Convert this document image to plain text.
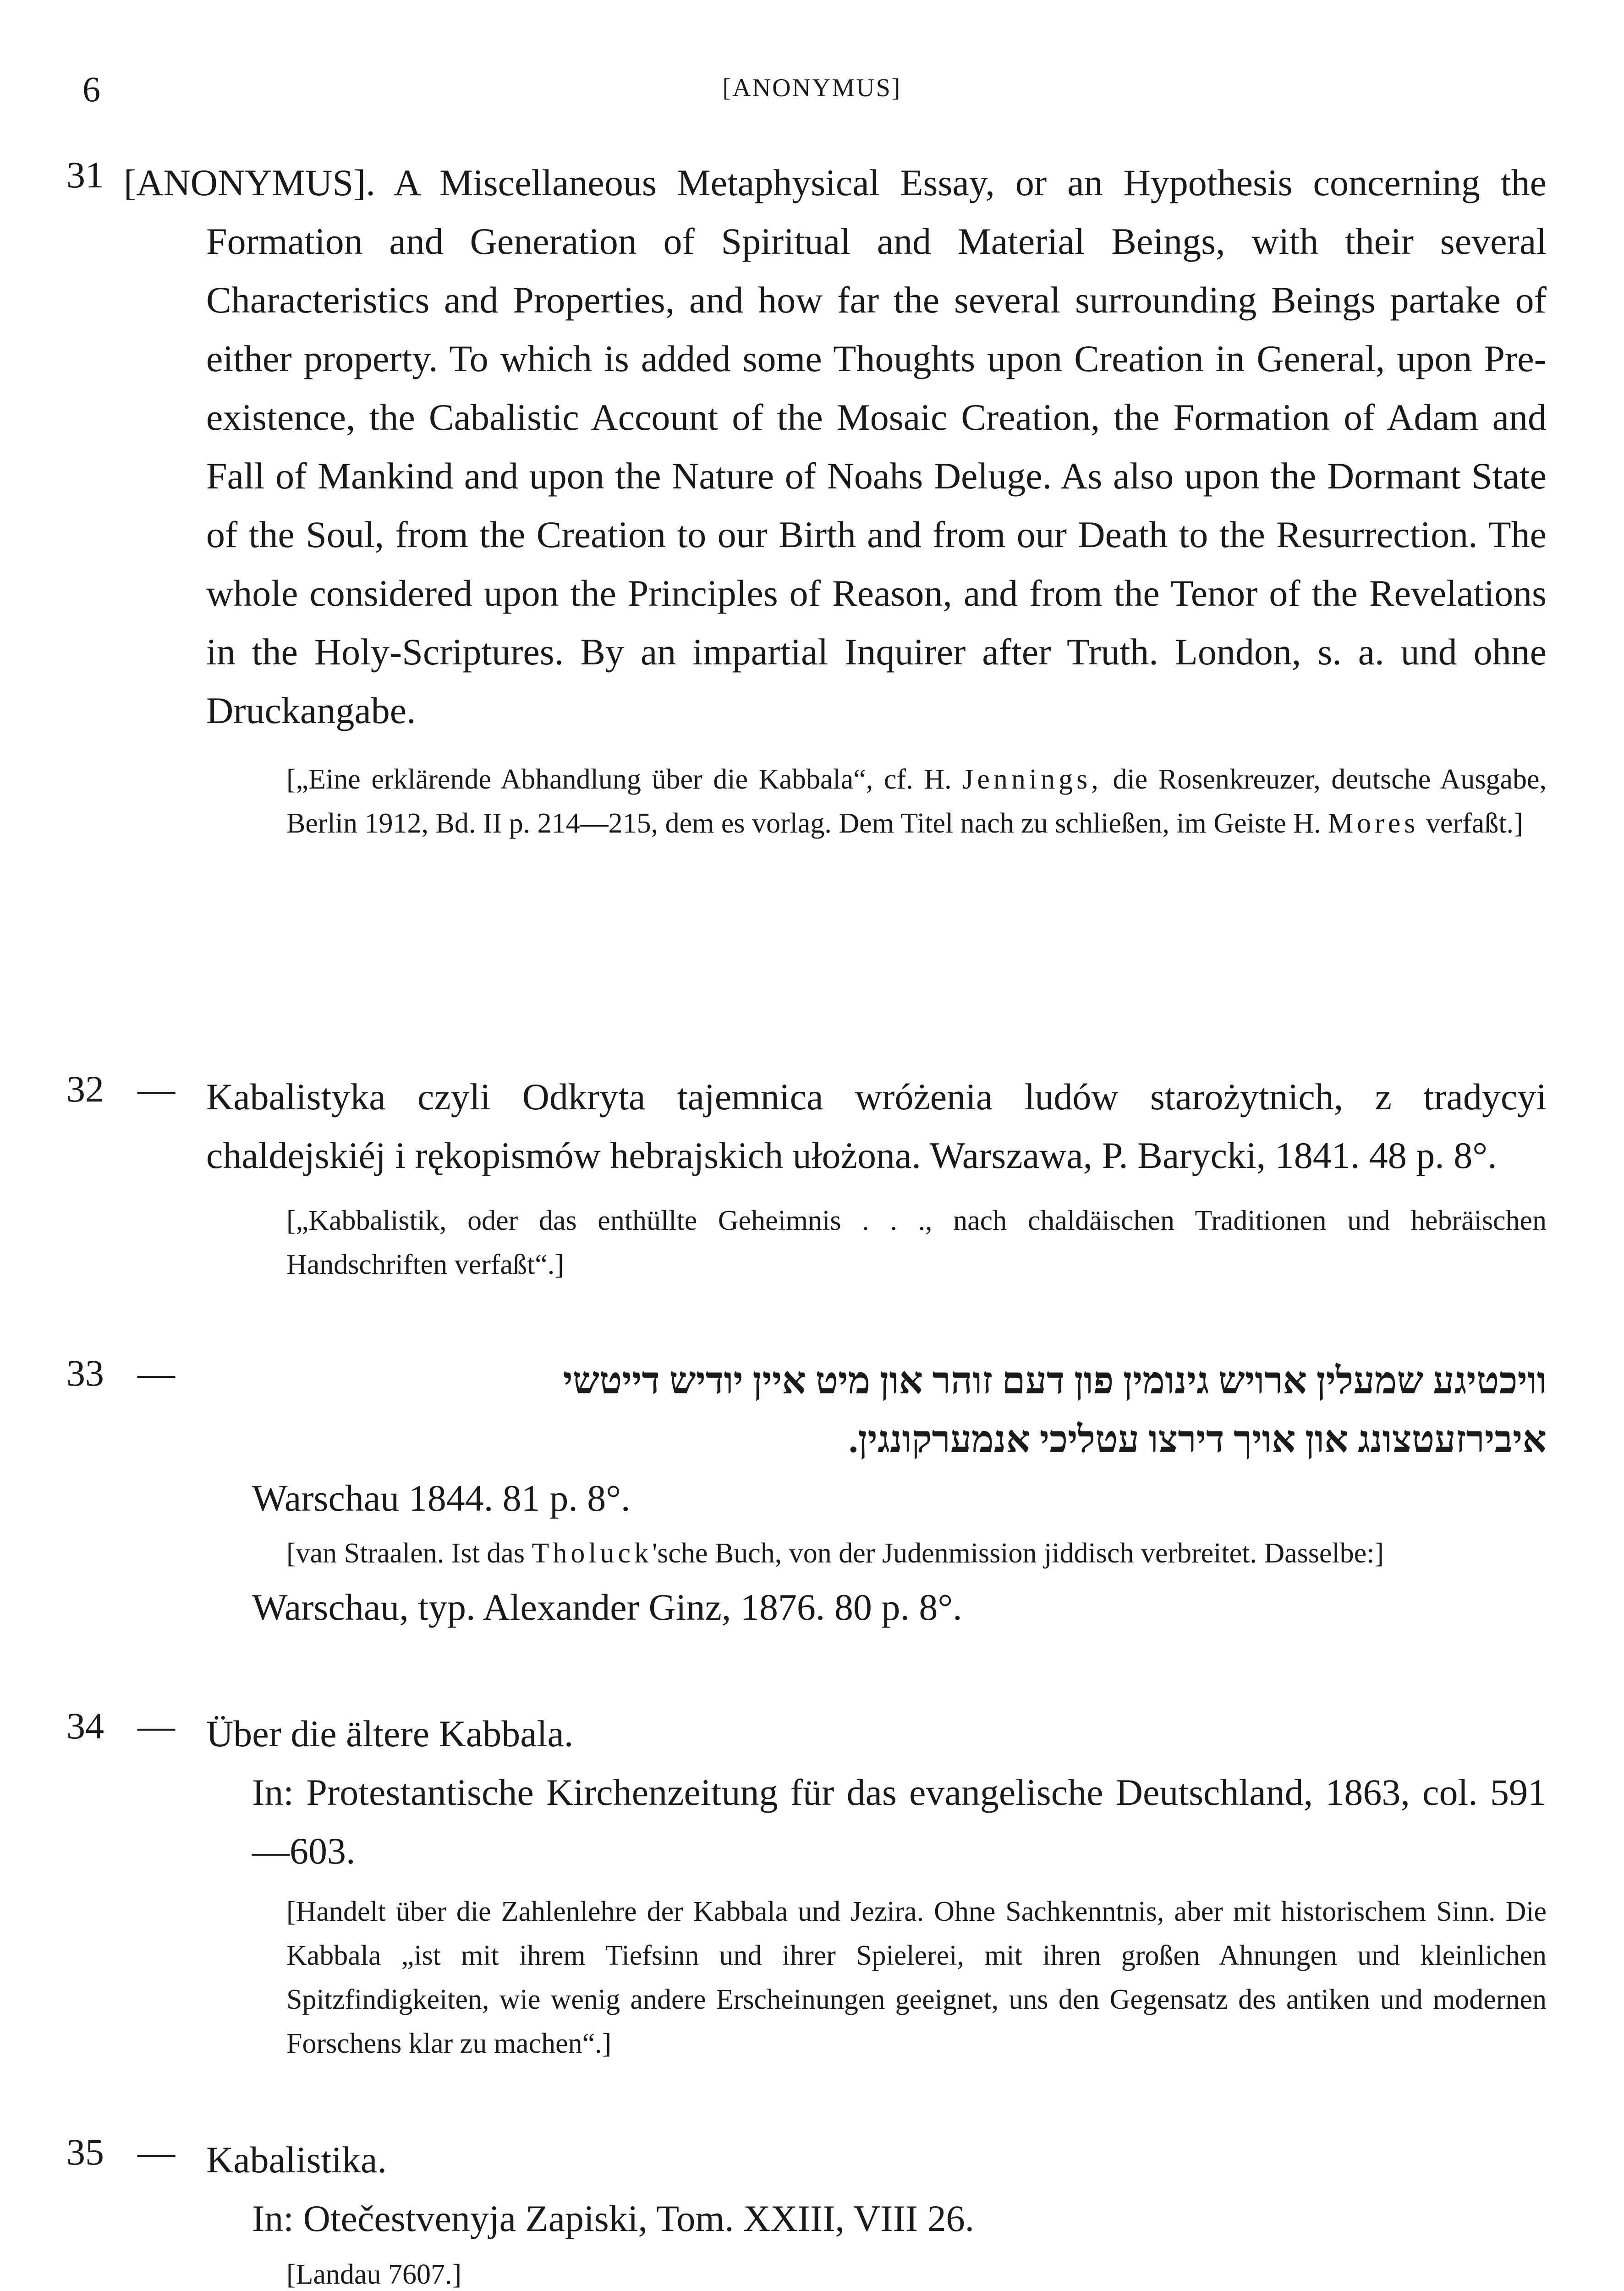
6	[ANONYMUS]
31 [ANONYMUS]. A Miscellaneous Metaphysical Essay, or an Hypothesis concerning the Formation and Generation of Spiritual and Material Beings, with their several Characteristics and Properties, and how far the several surrounding Beings partake of either property. To which is added some Thoughts upon Creation in General, upon Pre-existence, the Cabalistic Account of the Mosaic Creation, the Formation of Adam and Fall of Mankind and upon the Nature of Noahs Deluge. As also upon the Dormant State of the Soul, from the Creation to our Birth and from our Death to the Resurrection. The whole considered upon the Principles of Reason, and from the Tenor of the Revelations in the Holy-Scriptures. By an impartial Inquirer after Truth. London, s. a. und ohne Druckangabe.
[„Eine erklärende Abhandlung über die Kabbala“, cf. H. Jennings, die Rosenkreuzer, deutsche Ausgabe, Berlin 1912, Bd. II p. 214—215, dem es vorlag. Dem Titel nach zu schließen, im Geiste H. Mores verfaßt.]
32 — Kabalistyka czyli Odkryta tajemnica wróżenia ludów starożytnich, z tradycyi chaldejskiéj i rękopismów hebrajskich ułożona. Warszawa, P. Barycki, 1841. 48 p. 8°.
[„Kabbalistik, oder das enthüllte Geheimnis . . ., nach chaldäischen Traditionen und hebräischen Handschriften verfaßt“.]
33 —	וויכטיגע שמעלין ארויש גינומין פון דעם זוהר און מיט איין יודיש דייטשי
איבירזעטצונג און אויך דירצו עטליכי אנמערקונגין.
Warschau 1844. 81 p. 8°.
[van Straalen. Ist das Tholuck'sche Buch, von der Judenmission jiddisch verbreitet. Dasselbe:]
Warschau, typ. Alexander Ginz, 1876. 80 p. 8°.
34 — Über die ältere Kabbala.
In: Protestantische Kirchenzeitung für das evangelische Deutschland, 1863, col. 591—603.
[Handelt über die Zahlenlehre der Kabbala und Jezira. Ohne Sachkenntnis, aber mit historischem Sinn. Die Kabbala „ist mit ihrem Tiefsinn und ihrer Spielerei, mit ihren großen Ahnungen und kleinlichen Spitzfindigkeiten, wie wenig andere Erscheinungen geeignet, uns den Gegensatz des antiken und modernen Forschens klar zu machen“.]
35 — Kabalistika.
In: Otečestvenyja Zapiski, Tom. XXIII, VIII 26.
[Landau 7607.]
